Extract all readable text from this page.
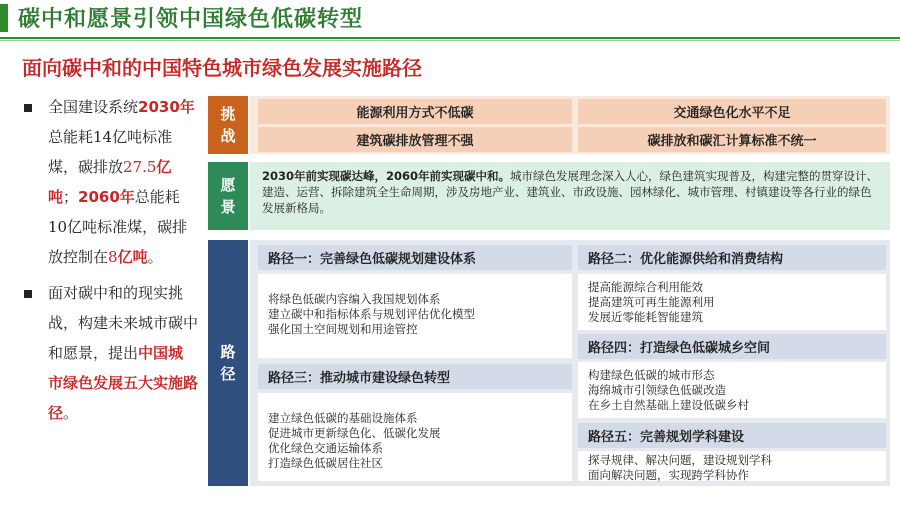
碳中和愿景引领中国绿色低碳转型
面向碳中和的中国特色城市绿色发展实施路径
全国建设系统2030年总能耗14亿吨标准煤，碳排放27.5亿吨；2060年总能耗10亿吨标准煤，碳排放控制在8亿吨。
面对碳中和的现实挑战，构建未来城市碳中和愿景，提出中国城市绿色发展五大实施路径。
挑战
愿景
路径
能源利用方式不低碳	交通绿色化水平不足
建筑碳排放管理不强	碳排放和碳汇计算标准不统一
2030年前实现碳达峰，2060年前实现碳中和。城市绿色发展理念深入人心，绿色建筑实现普及，构建完整的贯穿设计、建造、运营、拆除建筑全生命周期，涉及房地产业、建筑业、市政设施、园林绿化、城市管理、村镇建设等各行业的绿色发展新格局。
路径一：完善绿色低碳规划建设体系
将绿色低碳内容编入我国规划体系
建立碳中和指标体系与规划评估优化模型
强化国土空间规划和用途管控
路径三：推动城市建设绿色转型
建立绿色低碳的基础设施体系
促进城市更新绿色化、低碳化发展
优化绿色交通运输体系
打造绿色低碳居住社区
路径二：优化能源供给和消费结构
提高能源综合利用能效
提高建筑可再生能源利用
发展近零能耗智能建筑
路径四：打造绿色低碳城乡空间
构建绿色低碳的城市形态
海绵城市引领绿色低碳改造
在乡土自然基础上建设低碳乡村
路径五：完善规划学科建设
探寻规律、解决问题，建设规划学科
面向解决问题，实现跨学科协作
